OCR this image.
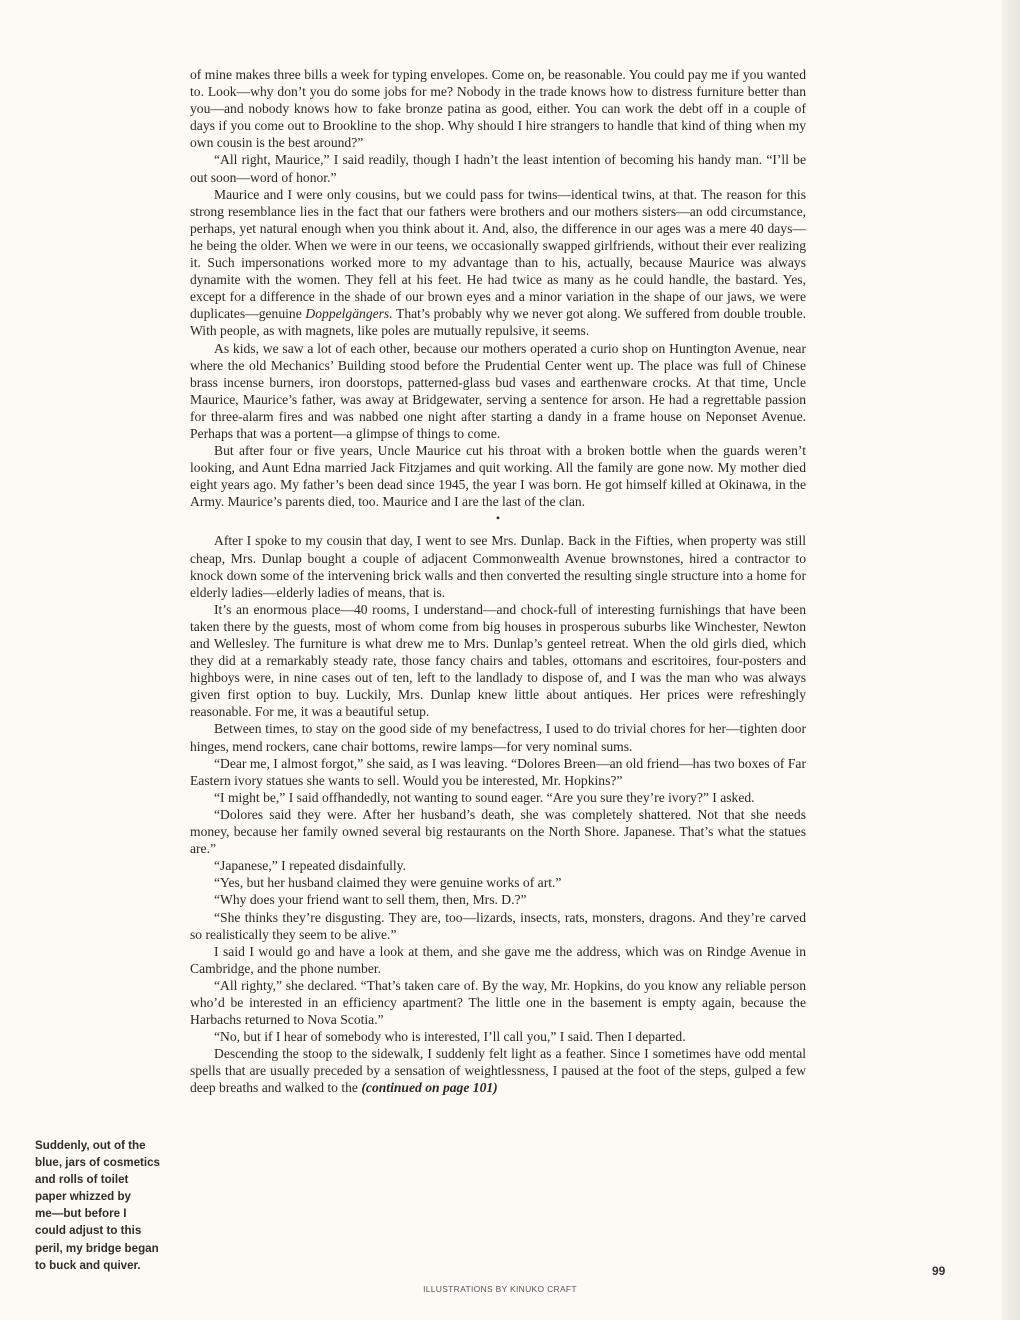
of mine makes three bills a week for typing envelopes. Come on, be reasonable. You could pay me if you wanted to. Look—why don’t you do some jobs for me? Nobody in the trade knows how to distress furniture better than you—and nobody knows how to fake bronze patina as good, either. You can work the debt off in a couple of days if you come out to Brookline to the shop. Why should I hire strangers to handle that kind of thing when my own cousin is the best around?”

“All right, Maurice,” I said readily, though I hadn’t the least intention of becoming his handy man. “I’ll be out soon—word of honor.”

Maurice and I were only cousins, but we could pass for twins—identical twins, at that. The reason for this strong resemblance lies in the fact that our fathers were brothers and our mothers sisters—an odd circumstance, perhaps, yet natural enough when you think about it. And, also, the difference in our ages was a mere 40 days—he being the older. When we were in our teens, we occasionally swapped girlfriends, without their ever realizing it. Such impersonations worked more to my advantage than to his, actually, because Maurice was always dynamite with the women. They fell at his feet. He had twice as many as he could handle, the bastard. Yes, except for a difference in the shade of our brown eyes and a minor variation in the shape of our jaws, we were duplicates—genuine Doppelgängers. That’s probably why we never got along. We suffered from double trouble. With people, as with magnets, like poles are mutually repulsive, it seems.

As kids, we saw a lot of each other, because our mothers operated a curio shop on Huntington Avenue, near where the old Mechanics’ Building stood before the Prudential Center went up. The place was full of Chinese brass incense burners, iron doorstops, patterned-glass bud vases and earthenware crocks. At that time, Uncle Maurice, Maurice’s father, was away at Bridgewater, serving a sentence for arson. He had a regrettable passion for three-alarm fires and was nabbed one night after starting a dandy in a frame house on Neponset Avenue. Perhaps that was a portent—a glimpse of things to come.

But after four or five years, Uncle Maurice cut his throat with a broken bottle when the guards weren’t looking, and Aunt Edna married Jack Fitzjames and quit working. All the family are gone now. My mother died eight years ago. My father’s been dead since 1945, the year I was born. He got himself killed at Okinawa, in the Army. Maurice’s parents died, too. Maurice and I are the last of the clan.

•

After I spoke to my cousin that day, I went to see Mrs. Dunlap. Back in the Fifties, when property was still cheap, Mrs. Dunlap bought a couple of adjacent Commonwealth Avenue brownstones, hired a contractor to knock down some of the intervening brick walls and then converted the resulting single structure into a home for elderly ladies—elderly ladies of means, that is.

It’s an enormous place—40 rooms, I understand—and chock-full of interesting furnishings that have been taken there by the guests, most of whom come from big houses in prosperous suburbs like Winchester, Newton and Wellesley. The furniture is what drew me to Mrs. Dunlap’s genteel retreat. When the old girls died, which they did at a remarkably steady rate, those fancy chairs and tables, ottomans and escritoires, four-posters and highboys were, in nine cases out of ten, left to the landlady to dispose of, and I was the man who was always given first option to buy. Luckily, Mrs. Dunlap knew little about antiques. Her prices were refreshingly reasonable. For me, it was a beautiful setup.

Between times, to stay on the good side of my benefactress, I used to do trivial chores for her—tighten door hinges, mend rockers, cane chair bottoms, rewire lamps—for very nominal sums.

“Dear me, I almost forgot,” she said, as I was leaving. “Dolores Breen—an old friend—has two boxes of Far Eastern ivory statues she wants to sell. Would you be interested, Mr. Hopkins?”

“I might be,” I said offhandedly, not wanting to sound eager. “Are you sure they’re ivory?” I asked.

“Dolores said they were. After her husband’s death, she was completely shattered. Not that she needs money, because her family owned several big restaurants on the North Shore. Japanese. That’s what the statues are.”

“Japanese,” I repeated disdainfully.

“Yes, but her husband claimed they were genuine works of art.”

“Why does your friend want to sell them, then, Mrs. D.?”

“She thinks they’re disgusting. They are, too—lizards, insects, rats, monsters, dragons. And they’re carved so realistically they seem to be alive.”

I said I would go and have a look at them, and she gave me the address, which was on Rindge Avenue in Cambridge, and the phone number.

“All righty,” she declared. “That’s taken care of. By the way, Mr. Hopkins, do you know any reliable person who’d be interested in an efficiency apartment? The little one in the basement is empty again, because the Harbachs returned to Nova Scotia.”

“No, but if I hear of somebody who is interested, I’ll call you,” I said. Then I departed.

Descending the stoop to the sidewalk, I suddenly felt light as a feather. Since I sometimes have odd mental spells that are usually preceded by a sensation of weightlessness, I paused at the foot of the steps, gulped a few deep breaths and walked to the (continued on page 101)

Suddenly, out of the
blue, jars of cosmetics
and rolls of toilet
paper whizzed by
me—but before I
could adjust to this
peril, my bridge began
to buck and quiver.	99
ILLUSTRATIONS BY KINUKO CRAFT
